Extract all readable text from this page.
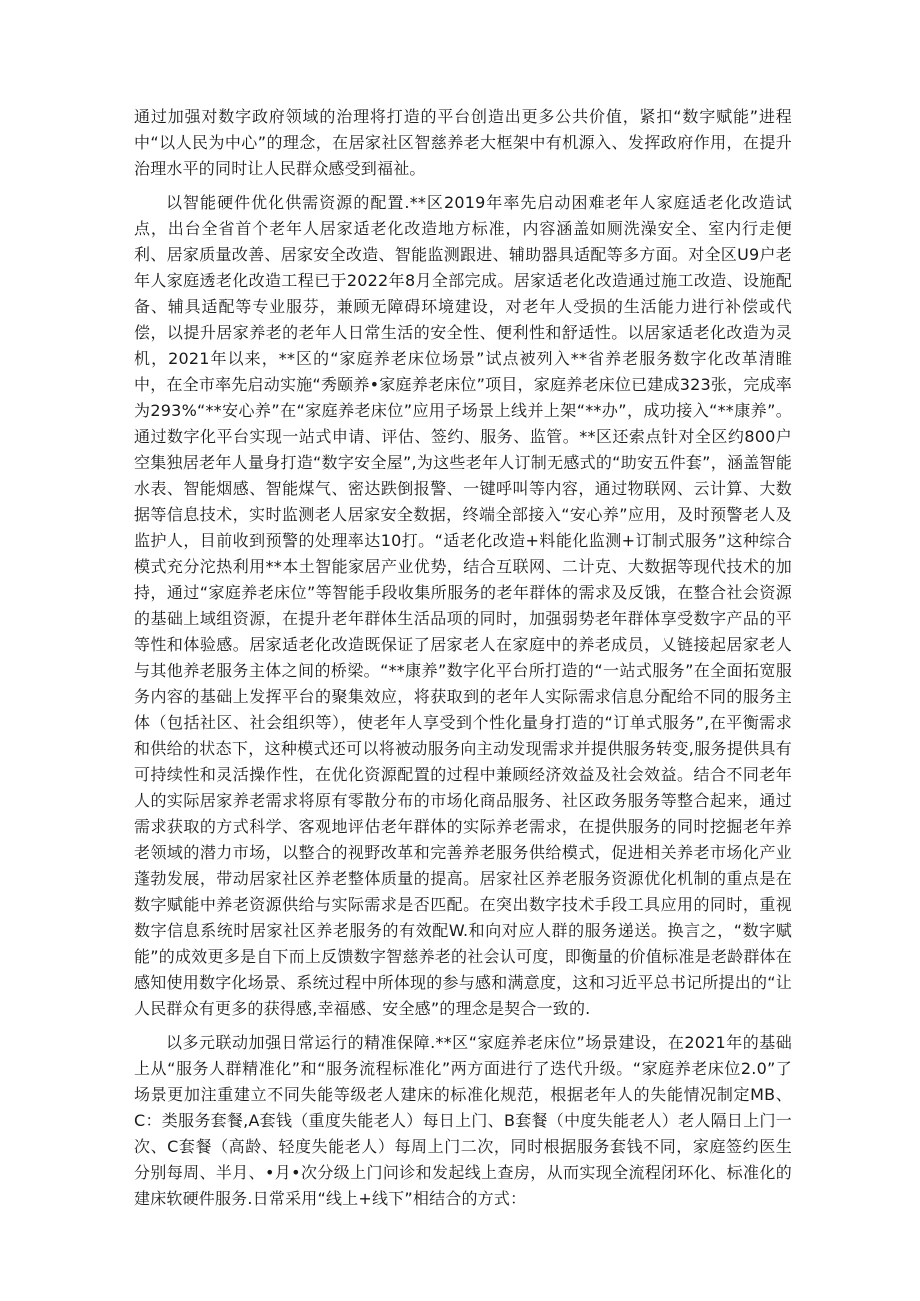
通过加强对数字政府领域的治理将打造的平台创造出更多公共价值，紧扣“数字赋能”进程中“以人民为中心”的理念，在居家社区智慈养老大框架中有机源入、发挥政府作用，在提升治理水平的同时让人民群众感受到福祉。

以智能硬件优化供需资源的配置.**区2019年率先启动困难老年人家庭适老化改造试点，出台全省首个老年人居家适老化改造地方标准，内容涵盖如厕洗澡安全、室内行走便利、居家质量改善、居家安全改造、智能监测跟进、辅助器具适配等多方面。对全区U9户老年人家庭透老化改造工程已于2022年8月全部完成。居家适老化改造通过施工改造、设施配备、辅具适配等专业服芬，兼顾无障碍环境建设，对老年人受损的生活能力进行补偿或代偿，以提升居家养老的老年人日常生活的安全性、便利性和舒适性。以居家适老化改造为灵机，2021年以来，**区的“家庭养老床位场景”试点被列入**省养老服务数字化改革清睢中，在全市率先启动实施“秀颐养•家庭养老床位”项目，家庭养老床位已建成323张，完成率为293%“**安心养”在“家庭养老床位”应用子场景上线并上架“**办”，成功接入“**康养”。通过数字化平台实现一站式申请、评估、签约、服务、监管。**区还索点针对全区约800户空集独居老年人量身打造“数字安全屋”,为这些老年人订制无感式的“助安五件套”，涵盖智能水表、智能烟感、智能煤气、密达跌倒报警、一键呼叫等内容，通过物联网、云计算、大数据等信息技术，实时监测老人居家安全数据，终端全部接入“安心养”应用，及时预警老人及监护人，目前收到预警的处理率达10打。“适老化改造+料能化监测+订制式服务”这种综合模式充分沱热利用**本土智能家居产业优势，结合互联网、二计克、大数据等现代技术的加持，通过“家庭养老床位”等智能手段收集所服务的老年群体的需求及反饿，在整合社会资源的基础上域组资源，在提升老年群体生活品项的同时，加强弱势老年群体享受数字产品的平等性和体验感。居家适老化改造既保证了居家老人在家庭中的养老成员，乂链接起居家老人与其他养老服务主体之间的桥梁。“**康养”数字化平台所打造的“一站式服务”在全面拓宽服务内容的基础上发挥平台的聚集效应，将获取到的老年人实际需求信息分配给不同的服务主体（包括社区、社会组织等），使老年人享受到个性化量身打造的“订单式服务”,在平衡需求和供给的状态下，这种模式还可以将被动服务向主动发现需求并提供服务转变,服务提供具有可持续性和灵活操作性，在优化资源配置的过程中兼顾经济效益及社会效益。结合不同老年人的实际居家养老需求将原有零散分布的市场化商品服务、社区政务服务等整合起来，通过需求获取的方式科学、客观地评估老年群体的实际养老需求，在提供服务的同时挖掘老年养老领域的潜力市场，以整合的视野改革和完善养老服务供给模式，促进相关养老市场化产业蓬勃发展，带动居家社区养老整体质量的提高。居家社区养老服务资源优化机制的重点是在数字赋能中养老资源供给与实际需求是否匹配。在突出数字技术手段工具应用的同时，重视数字信息系统时居家社区养老服务的有效配W.和向对应人群的服务递送。换言之，“数字赋能”的成效更多是自下而上反馈数字智慈养老的社会认可度，即衡量的价值标准是老龄群体在感知使用数字化场景、系统过程中所体现的参与感和满意度，这和习近平总书记所提出的“让人民群众有更多的获得感,幸福感、安全感”的理念是契合一致的.

以多元联动加强日常运行的精准保障.**区“家庭养老床位”场景建设，在2021年的基础上从“服务人群精准化”和“服务流程标准化”两方面进行了迭代升级。“家庭养老床位2.0”了场景更加注重建立不同失能等级老人建床的标准化规范，根据老年人的失能情况制定MB、C：类服务套餐,A套钱（重度失能老人）每日上门、B套餐（中度失能老人）老人隔日上门一次、C套餐（高龄、轻度失能老人）每周上门二次，同时根据服务套钱不同，家庭签约医生分别每周、半月、•月•次分级上门问诊和发起线上查房，从而实现全流程闭环化、标准化的建床软硬件服务.日常采用“线上+线下”相结合的方式：
